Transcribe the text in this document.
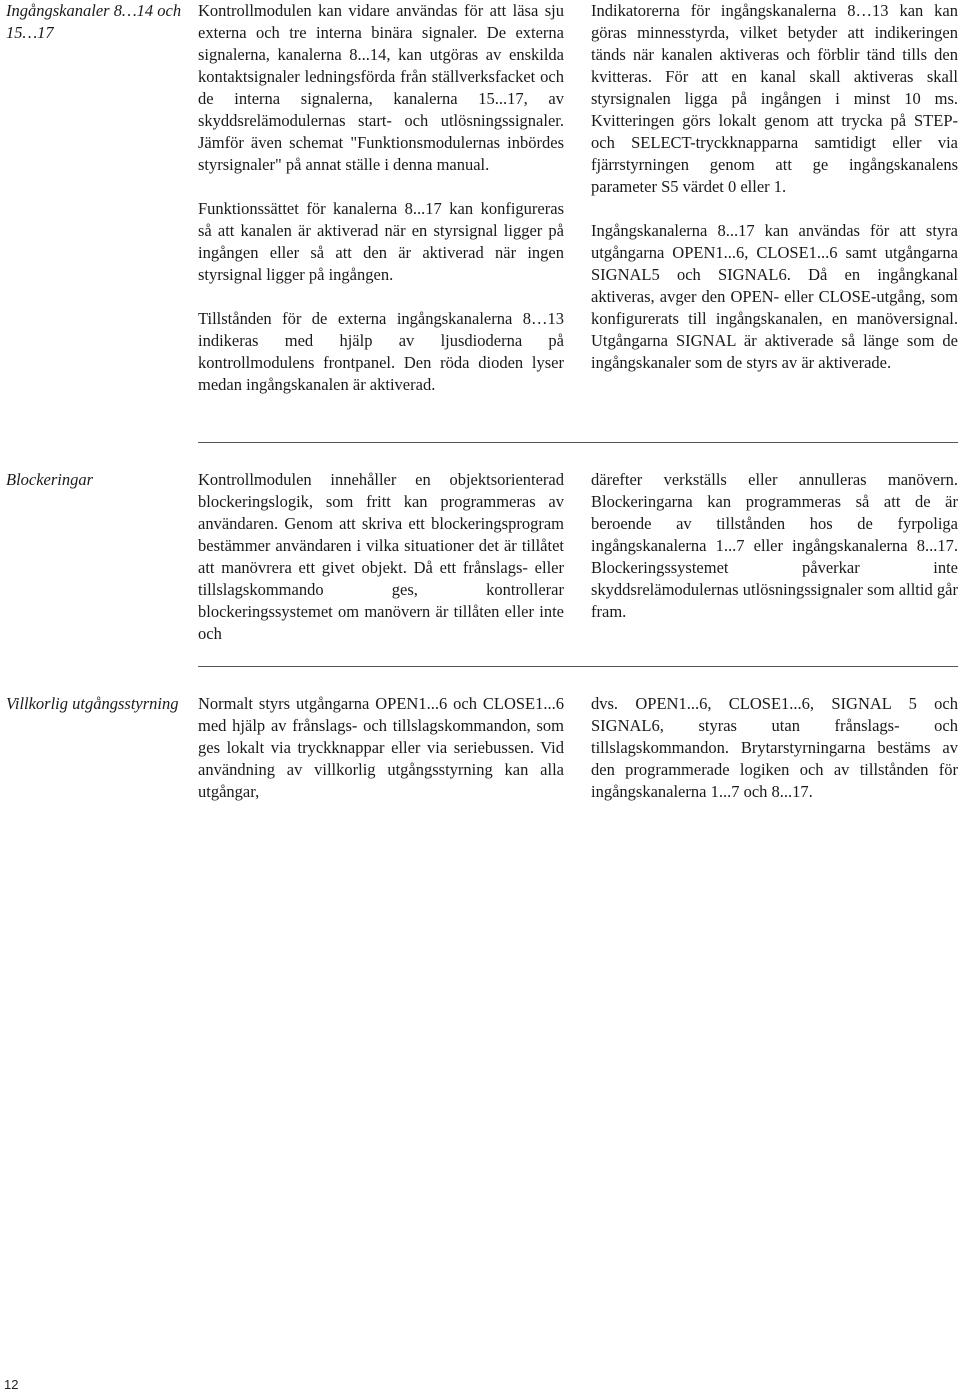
Ingångskanaler 8…14 och 15…17

Kontrollmodulen kan vidare användas för att läsa sju externa och tre interna binära signaler. De externa signalerna, kanalerna 8...14, kan utgöras av enskilda kontaktsignaler ledningsförda från ställverksfacket och de interna signalerna, kanalerna 15...17, av skyddsrelämodulernas start- och utlösningssignaler. Jämför även schemat "Funktionsmodulernas inbördes styrsignaler" på annat ställe i denna manual.

Funktionssättet för kanalerna 8...17 kan konfigureras så att kanalen är aktiverad när en styrsignal ligger på ingången eller så att den är aktiverad när ingen styrsignal ligger på ingången.

Tillstånden för de externa ingångskanalerna 8…13 indikeras med hjälp av ljusdioderna på kontrollmodulens frontpanel. Den röda dioden lyser medan ingångskanalen är aktiverad.

Indikatorerna för ingångskanalerna 8…13 kan kan göras minnesstyrda, vilket betyder att indikeringen tänds när kanalen aktiveras och förblir tänd tills den kvitteras. För att en kanal skall aktiveras skall styrsignalen ligga på ingången i minst 10 ms. Kvitteringen görs lokalt genom att trycka på STEP- och SELECT-tryckknapparna samtidigt eller via fjärrstyrningen genom att ge ingångskanalens parameter S5 värdet 0 eller 1.

Ingångskanalerna 8...17 kan användas för att styra utgångarna OPEN1...6, CLOSE1...6 samt utgångarna SIGNAL5 och SIGNAL6. Då en ingångkanal aktiveras, avger den OPEN- eller CLOSE-utgång, som konfigurerats till ingångskanalen, en manöversignal. Utgångarna SIGNAL är aktiverade så länge som de ingångskanaler som de styrs av är aktiverade.

Blockeringar	Kontrollmodulen innehåller en objektsorienterad blockeringslogik, som fritt kan programmeras av användaren. Genom att skriva ett blockeringsprogram bestämmer användaren i vilka situationer det är tillåtet att manövrera ett givet objekt. Då ett frånslags- eller tillslagskommando ges, kontrollerar blockeringssystemet om manövern är tillåten eller inte och

därefter verkställs eller annulleras manövern. Blockeringarna kan programmeras så att de är beroende av tillstånden hos de fyrpoliga ingångskanalerna 1...7 eller ingångskanalerna 8...17. Blockeringssystemet påverkar inte skyddsrelämodulernas utlösningssignaler som alltid går fram.

Villkorlig utgångsstyrning	Normalt styrs utgångarna OPEN1...6 och CLOSE1...6 med hjälp av frånslags- och tillslagskommandon, som ges lokalt via tryckknappar eller via seriebussen. Vid användning av villkorlig utgångsstyrning kan alla utgångar,

dvs. OPEN1...6, CLOSE1...6, SIGNAL 5 och SIGNAL6, styras utan frånslags- och tillslagskommandon. Brytarstyrningarna bestäms av den programmerade logiken och av tillstånden för ingångskanalerna 1...7 och 8...17.

12
